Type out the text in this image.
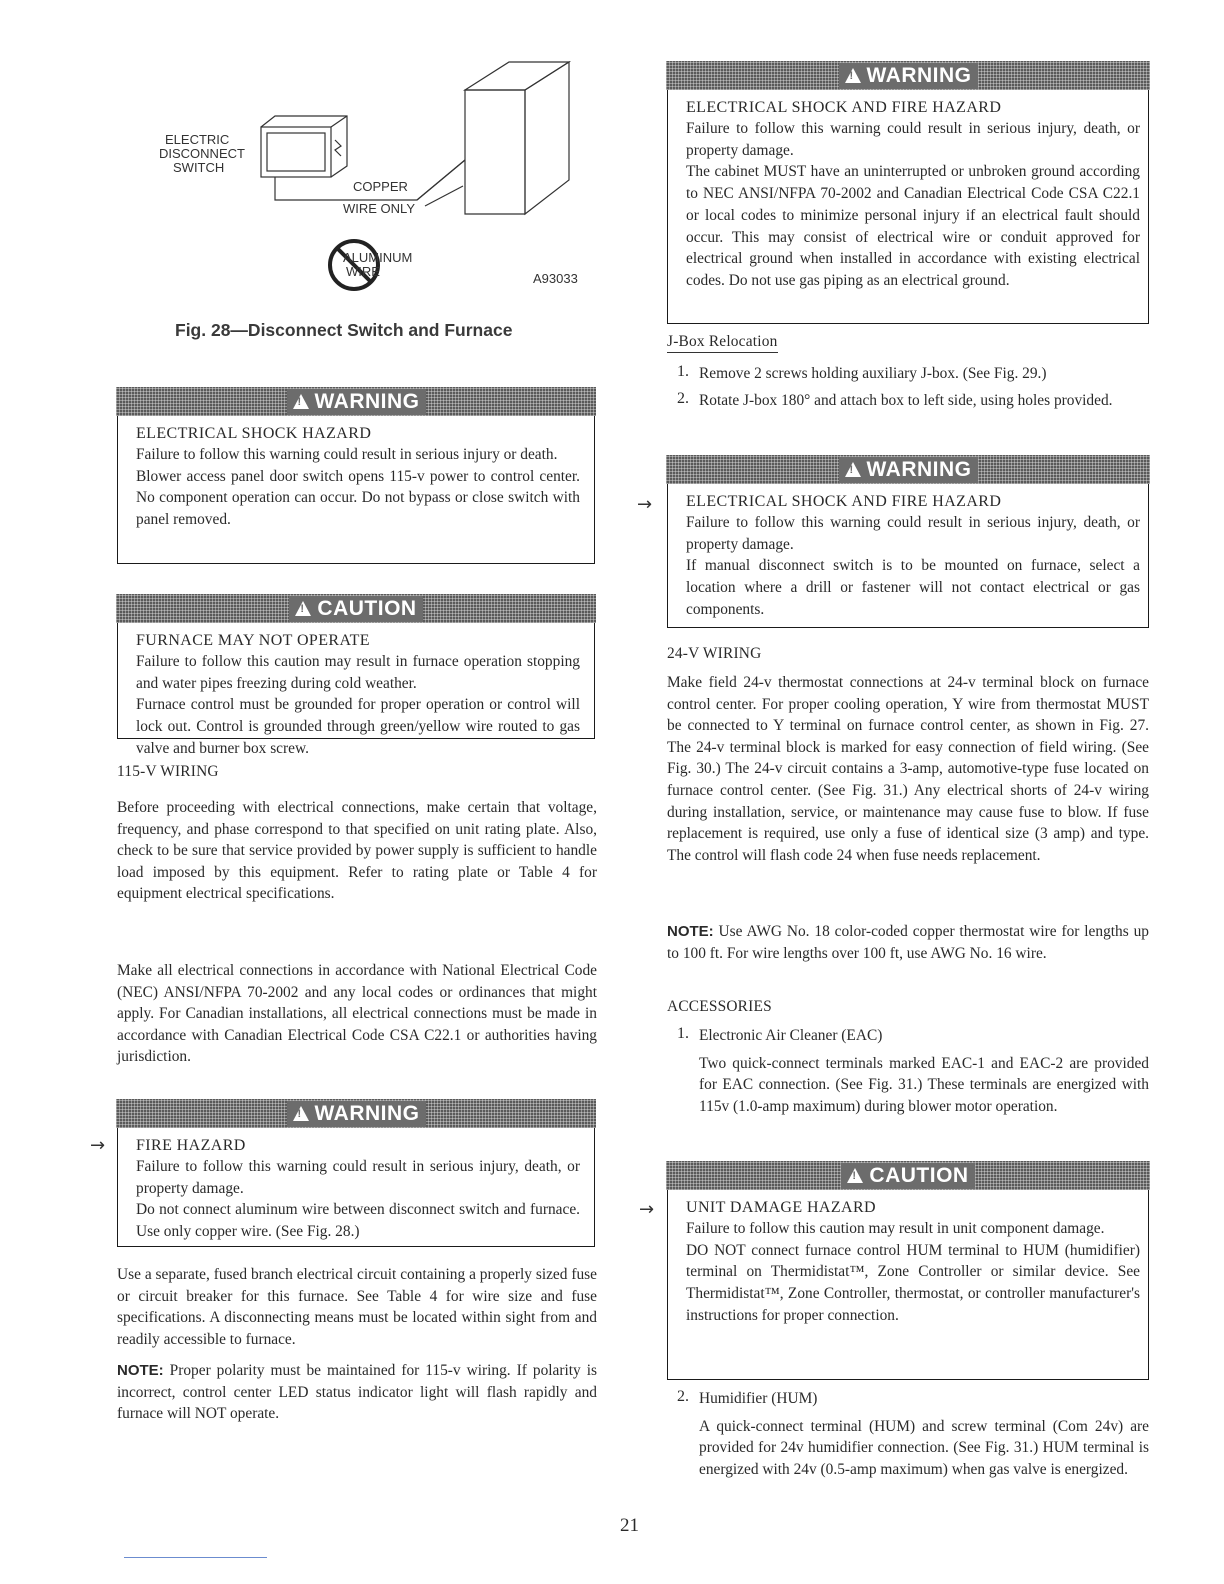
ELECTRIC
DISCONNECT
SWITCH
COPPER
WIRE ONLY
ALUMINUM
WIRE	A93033
Fig. 28—Disconnect Switch and Furnace
! WARNING
ELECTRICAL SHOCK HAZARD

Failure to follow this warning could result in serious injury or death.

Blower access panel door switch opens 115-v power to control center. No component operation can occur. Do not bypass or close switch with panel removed.

! CAUTION
FURNACE MAY NOT OPERATE

Failure to follow this caution may result in furnace operation stopping and water pipes freezing during cold weather.

Furnace control must be grounded for proper operation or control will lock out. Control is grounded through green/yellow wire routed to gas valve and burner box screw.

115-V WIRING

Before proceeding with electrical connections, make certain that voltage, frequency, and phase correspond to that specified on unit rating plate. Also, check to be sure that service provided by power supply is sufficient to handle load imposed by this equipment. Refer to rating plate or Table 4 for equipment electrical specifications.

Make all electrical connections in accordance with National Electrical Code (NEC) ANSI/NFPA 70-2002 and any local codes or ordinances that might apply. For Canadian installations, all electrical connections must be made in accordance with Canadian Electrical Code CSA C22.1 or authorities having jurisdiction.

→
! WARNING
FIRE HAZARD

Failure to follow this warning could result in serious injury, death, or property damage.

Do not connect aluminum wire between disconnect switch and furnace. Use only copper wire. (See Fig. 28.)

Use a separate, fused branch electrical circuit containing a properly sized fuse or circuit breaker for this furnace. See Table 4 for wire size and fuse specifications. A disconnecting means must be located within sight from and readily accessible to furnace.

NOTE: Proper polarity must be maintained for 115-v wiring. If polarity is incorrect, control center LED status indicator light will flash rapidly and furnace will NOT operate.

! WARNING
ELECTRICAL SHOCK AND FIRE HAZARD

Failure to follow this warning could result in serious injury, death, or property damage.

The cabinet MUST have an uninterrupted or unbroken ground according to NEC ANSI/NFPA 70-2002 and Canadian Electrical Code CSA C22.1 or local codes to minimize personal injury if an electrical fault should occur. This may consist of electrical wire or conduit approved for electrical ground when installed in accordance with existing electrical codes. Do not use gas piping as an electrical ground.

J-Box Relocation
1. Remove 2 screws holding auxiliary J-box. (See Fig. 29.)

2. Rotate J-box 180° and attach box to left side, using holes provided.

→
! WARNING
ELECTRICAL SHOCK AND FIRE HAZARD

Failure to follow this warning could result in serious injury, death, or property damage.

If manual disconnect switch is to be mounted on furnace, select a location where a drill or fastener will not contact electrical or gas components.

24-V WIRING

Make field 24-v thermostat connections at 24-v terminal block on furnace control center. For proper cooling operation, Y wire from thermostat MUST be connected to Y terminal on furnace control center, as shown in Fig. 27. The 24-v terminal block is marked for easy connection of field wiring. (See Fig. 30.) The 24-v circuit contains a 3-amp, automotive-type fuse located on furnace control center. (See Fig. 31.) Any electrical shorts of 24-v wiring during installation, service, or maintenance may cause fuse to blow. If fuse replacement is required, use only a fuse of identical size (3 amp) and type. The control will flash code 24 when fuse needs replacement.

NOTE: Use AWG No. 18 color-coded copper thermostat wire for lengths up to 100 ft. For wire lengths over 100 ft, use AWG No. 16 wire.

ACCESSORIES
1. Electronic Air Cleaner (EAC)

Two quick-connect terminals marked EAC-1 and EAC-2 are provided for EAC connection. (See Fig. 31.) These terminals are energized with 115v (1.0-amp maximum) during blower motor operation.

→
! CAUTION
UNIT DAMAGE HAZARD

Failure to follow this caution may result in unit component damage.

DO NOT connect furnace control HUM terminal to HUM (humidifier) terminal on Thermidistat™, Zone Controller or similar device. See Thermidistat™, Zone Controller, thermostat, or controller manufacturer's instructions for proper connection.

2. Humidifier (HUM)

A quick-connect terminal (HUM) and screw terminal (Com 24v) are provided for 24v humidifier connection. (See Fig. 31.) HUM terminal is energized with 24v (0.5-amp maximum) when gas valve is energized.

21
